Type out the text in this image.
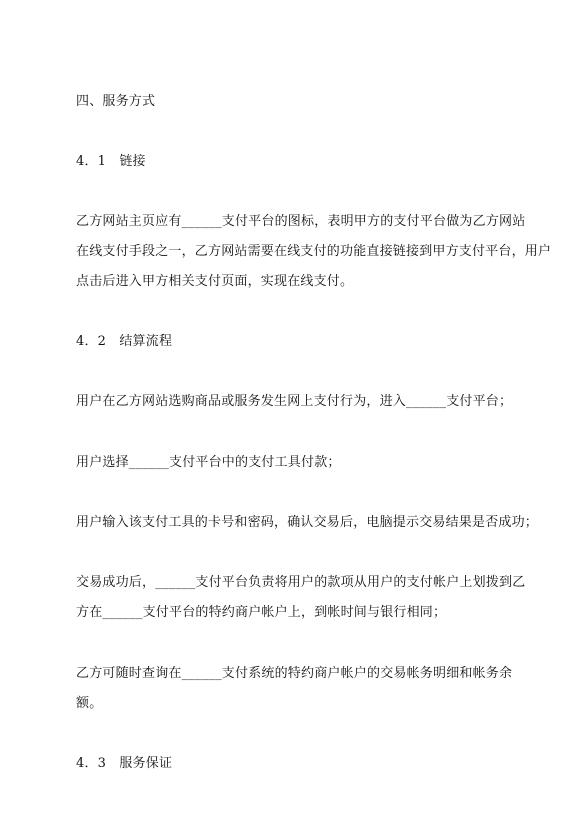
四、服务方式
4．1　链接
乙方网站主页应有______支付平台的图标，表明甲方的支付平台做为乙方网站
在线支付手段之一，乙方网站需要在线支付的功能直接链接到甲方支付平台，用户
点击后进入甲方相关支付页面，实现在线支付。
4．2　结算流程
用户在乙方网站选购商品或服务发生网上支付行为，进入______支付平台；
用户选择______支付平台中的支付工具付款；
用户输入该支付工具的卡号和密码，确认交易后，电脑提示交易结果是否成功；
交易成功后，______支付平台负责将用户的款项从用户的支付帐户上划拨到乙
方在______支付平台的特约商户帐户上，到帐时间与银行相同；
乙方可随时查询在______支付系统的特约商户帐户的交易帐务明细和帐务余
额。
4．3　服务保证
